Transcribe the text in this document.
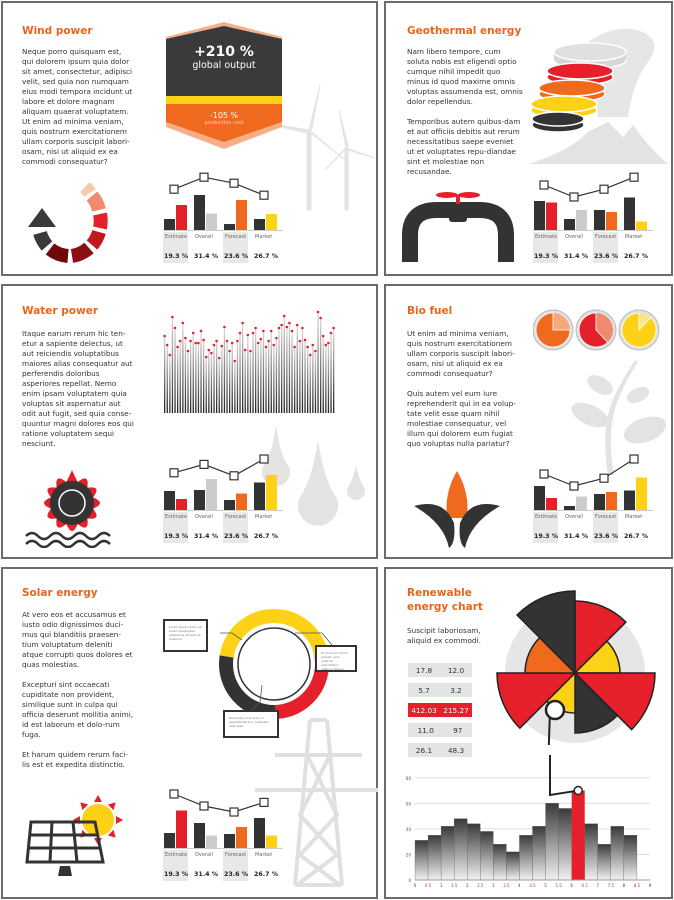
Wind power

Neque porro quisquam est, qui dolorem ipsum quia dolor sit amet, consectetur, adipisci velit, sed quia non numquam eius modi tempora incidunt ut labore et dolore magnam aliquam quaerat voluptatem. Ut enim ad minima veniam, quis nostrum exercitationem ullam corporis suscipit labori-osam, nisi ut aliquid ex ea commodi consequatur?

+210 %
global output
-105 %
production cost
Estimate
19.3 %
Overall
31.4 %
Forecast
23.6 %
Market
26.7 %
Geothermal energy

Nam libero tempore, cum soluta nobis est eligendi optio cumque nihil impedit quo minus id quod maxime omnis voluptas assumenda est, omnis dolor repellendus.

Temporibus autem quibus-dam et aut officiis debitis aut rerum necessitatibus saepe eveniet ut et voluptates repu-diandae sint et molestiae non recusandae.

Estimate
19.3 %
Overall
31.4 %
Forecast
23.6 %
Market
26.7 %
Water power

Itaque earum rerum hic ten-etur a sapiente delectus, ut aut reiciendis voluptatibus maiores alias consequatur aut perferendis doloribus asperiores repellat. Nemo enim ipsam voluptatem quia voluptas sit aspernatur aut odit aut fugit, sed quia conse-quuntur magni dolores eos qui ratione voluptatem sequi nesciunt.

Estimate
19.3 %
Overall
31.4 %
Forecast
23.6 %
Market
26.7 %
Bio fuel

Ut enim ad minima veniam, quis nostrum exercitationem ullam corporis suscipit labori-osam, nisi ut aliquid ex ea commodi consequatur?

Quis autem vel eum iure reprehenderit qui in ea volup-tate velit esse quam nihil molestiae consequatur, vel illum qui dolorem eum fugiat quo voluptas nulla pariatur?

Estimate
19.3 %
Overall
31.4 %
Forecast
23.6 %
Market
26.7 %
Solar energy

At vero eos et accusamus et iusto odio dignissimos duci-mus qui blanditiis praesen-tium voluptatum deleniti atque corrupti quos dolores et quas molestias.

Excepturi sint occaecati cupiditate non provident, similique sunt in culpa qui officia deserunt mollitia animi, id est laborum et dolo-rum fuga.

Et harum quidem rerum faci-lis est et expedita distinctio.

Lorem ipsum dolor sit amet consectetur adipiscing elit sed do eiusmod
Ut enim ad minim veniam quis nostrud exercitation ullamco laboris
Duis aute irure dolor in reprehenderit in voluptate velit esse
Estimate
19.3 %
Overall
31.4 %
Forecast
23.6 %
Market
26.7 %
Renewable
energy chart
Suscipit laboriosam, aliquid ex commodi.
17.8 12.0
5.7	3.2
412.03 215.27
11.0	97
26.1 48.3
0
20
40
60
80
0 0.5 1 1.5 2 2.5 3 3.5 4 4.5 5 5.5 6 6.5 7 7.5 8 8.5 9
